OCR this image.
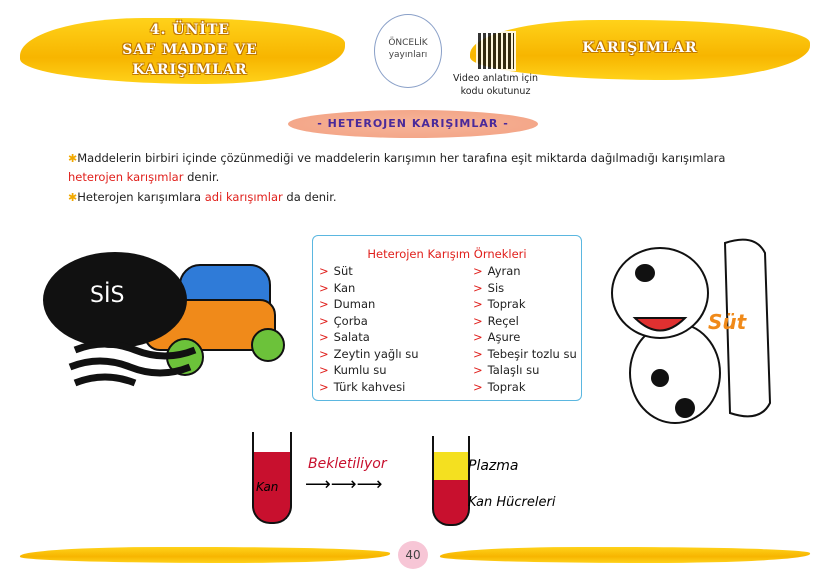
4. ÜNİTE
SAF MADDE VE
KARIŞIMLAR
KARIŞIMLAR
ÖNCELİK yayınları
Video anlatım için
kodu okutunuz
- HETEROJEN KARIŞIMLAR -
✱Maddelerin birbiri içinde çözünmediği ve maddelerin karışımın her tarafına eşit miktarda dağılmadığı karışımlara heterojen karışımlar denir.
✱Heterojen karışımlara adi karışımlar da denir.
SİS
Heterojen Karışım Örnekleri
> Süt
> Kan
> Duman
> Çorba
> Salata
> Zeytin yağlı su
> Kumlu su
> Türk kahvesi
> Ayran
> Sis
> Toprak
> Reçel
> Aşure
> Tebeşir tozlu su
> Talaşlı su
> Toprak
Süt
Kan
Bekletiliyor
⟶⟶⟶
Plazma
Kan Hücreleri
40
